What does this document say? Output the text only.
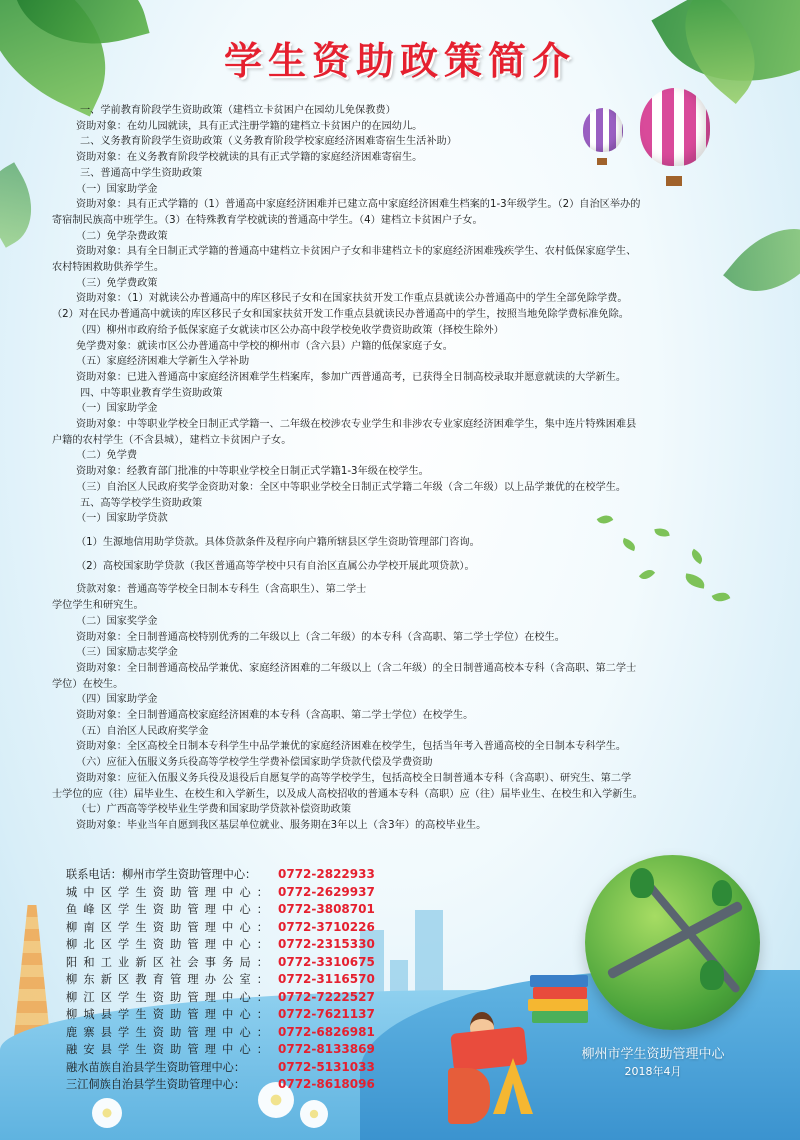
学生资助政策简介
一、学前教育阶段学生资助政策（建档立卡贫困户在园幼儿免保教费）
资助对象：在幼儿园就读，具有正式注册学籍的建档立卡贫困户的在园幼儿。
二、义务教育阶段学生资助政策（义务教育阶段学校家庭经济困难寄宿生生活补助）
资助对象：在义务教育阶段学校就读的具有正式学籍的家庭经济困难寄宿生。
三、普通高中学生资助政策
（一）国家助学金
资助对象：具有正式学籍的（1）普通高中家庭经济困难并已建立高中家庭经济困难生档案的1-3年级学生。（2）自治区举办的
寄宿制民族高中班学生。（3）在特殊教育学校就读的普通高中学生。（4）建档立卡贫困户子女。
（二）免学杂费政策
资助对象：具有全日制正式学籍的普通高中建档立卡贫困户子女和非建档立卡的家庭经济困难残疾学生、农村低保家庭学生、
农村特困救助供养学生。
（三）免学费政策
资助对象：（1）对就读公办普通高中的库区移民子女和在国家扶贫开发工作重点县就读公办普通高中的学生全部免除学费。
（2）对在民办普通高中就读的库区移民子女和国家扶贫开发工作重点县就读民办普通高中的学生，按照当地免除学费标准免除。
（四）柳州市政府给予低保家庭子女就读市区公办高中段学校免收学费资助政策（择校生除外）
免学费对象：就读市区公办普通高中学校的柳州市（含六县）户籍的低保家庭子女。
（五）家庭经济困难大学新生入学补助
资助对象：已进入普通高中家庭经济困难学生档案库，参加广西普通高考，已获得全日制高校录取并愿意就读的大学新生。
四、中等职业教育学生资助政策
（一）国家助学金
资助对象：中等职业学校全日制正式学籍一、二年级在校涉农专业学生和非涉农专业家庭经济困难学生，集中连片特殊困难县
户籍的农村学生（不含县城），建档立卡贫困户子女。
（二）免学费
资助对象：经教育部门批准的中等职业学校全日制正式学籍1-3年级在校学生。
（三）自治区人民政府奖学金资助对象：全区中等职业学校全日制正式学籍二年级（含二年级）以上品学兼优的在校学生。
五、高等学校学生资助政策
（一）国家助学贷款
（1）生源地信用助学贷款。具体贷款条件及程序向户籍所辖县区学生资助管理部门咨询。
（2）高校国家助学贷款（我区普通高等学校中只有自治区直属公办学校开展此项贷款）。
贷款对象：普通高等学校全日制本专科生（含高职生）、第二学士
学位学生和研究生。
（二）国家奖学金
资助对象：全日制普通高校特别优秀的二年级以上（含二年级）的本专科（含高职、第二学士学位）在校生。
（三）国家励志奖学金
资助对象：全日制普通高校品学兼优、家庭经济困难的二年级以上（含二年级）的全日制普通高校本专科（含高职、第二学士
学位）在校生。
（四）国家助学金
资助对象：全日制普通高校家庭经济困难的本专科（含高职、第二学士学位）在校学生。
（五）自治区人民政府奖学金
资助对象：全区高校全日制本专科学生中品学兼优的家庭经济困难在校学生，包括当年考入普通高校的全日制本专科学生。
（六）应征入伍服义务兵役高等学校学生学费补偿国家助学贷款代偿及学费资助
资助对象：应征入伍服义务兵役及退役后自愿复学的高等学校学生，包括高校全日制普通本专科（含高职）、研究生、第二学
士学位的应（往）届毕业生、在校生和入学新生，以及成人高校招收的普通本专科（高职）应（往）届毕业生、在校生和入学新生。
（七）广西高等学校毕业生学费和国家助学贷款补偿资助政策
资助对象：毕业当年自愿到我区基层单位就业、服务期在3年以上（含3年）的高校毕业生。
联系电话：柳州市学生资助管理中心：	0772-2822933
城 中 区 学 生 资 助 管 理 中 心 ： 0772-2629937
鱼 峰 区 学 生 资 助 管 理 中 心 ： 0772-3808701
柳 南 区 学 生 资 助 管 理 中 心 ： 0772-3710226
柳 北 区 学 生 资 助 管 理 中 心 ： 0772-2315330
阳 和 工 业 新 区 社 会 事 务 局 ： 0772-3310675
柳 东 新 区 教 育 管 理 办 公 室 ： 0772-3116570
柳 江 区 学 生 资 助 管 理 中 心 ： 0772-7222527
柳 城 县 学 生 资 助 管 理 中 心 ： 0772-7621137
鹿 寨 县 学 生 资 助 管 理 中 心 ： 0772-6826981
融 安 县 学 生 资 助 管 理 中 心 ： 0772-8133869
融水苗族自治县学生资助管理中心：	0772-5131033
三江侗族自治县学生资助管理中心：	0772-8618096
柳州市学生资助管理中心
2018年4月
